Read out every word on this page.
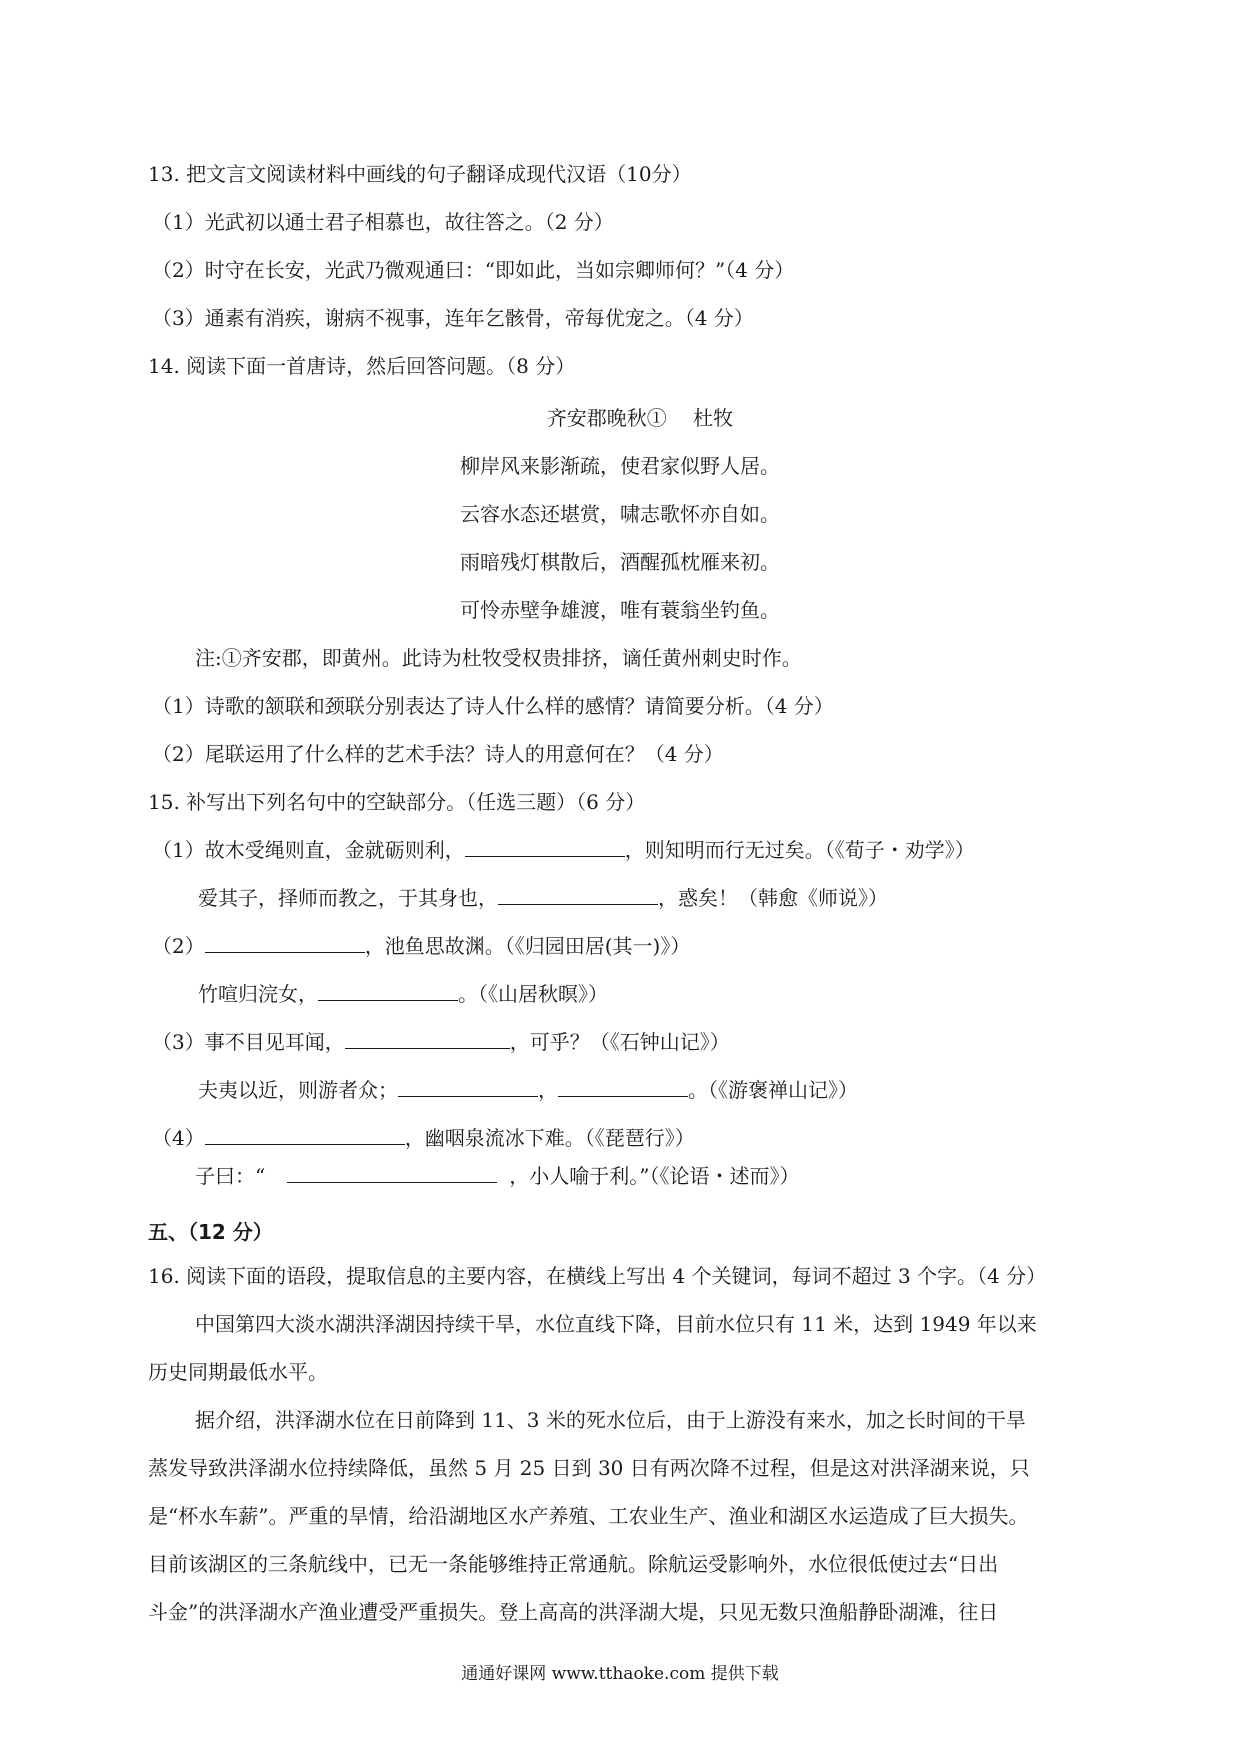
13. 把文言文阅读材料中画线的句子翻译成现代汉语（10分）
（1）光武初以通士君子相慕也，故往答之。（2 分）
（2）时守在长安，光武乃微观通曰：“即如此，当如宗卿师何？”（4 分）
（3）通素有消疾，谢病不视事，连年乞骸骨，帝每优宠之。（4 分）
14. 阅读下面一首唐诗，然后回答问题。（8 分）
齐安郡晚秋①　 杜牧
柳岸风来影渐疏，使君家似野人居。
云容水态还堪赏，啸志歌怀亦自如。
雨暗残灯棋散后，酒醒孤枕雁来初。
可怜赤壁争雄渡，唯有蓑翁坐钓鱼。
注:①齐安郡，即黄州。此诗为杜牧受权贵排挤，谪任黄州刺史时作。
（1）诗歌的颔联和颈联分别表达了诗人什么样的感情？请简要分析。（4 分）
（2）尾联运用了什么样的艺术手法？诗人的用意何在？（4 分）
15. 补写出下列名句中的空缺部分。（任选三题）（6 分）
（1）故木受绳则直，金就砺则利，	，则知明而行无过矣。（《荀子・劝学》）
爱其子，择师而教之，于其身也，	，惑矣！（韩愈《师说》）
（2）	，池鱼思故渊。（《归园田居(其一)》）
竹喧归浣女，	。（《山居秋暝》）
（3）事不目见耳闻，	，可乎？（《石钟山记》）
夫夷以近，则游者众；	，	。（《游褒禅山记》）
（4）	，幽咽泉流冰下难。（《琵琶行》）
子曰：“	，小人喻于利。”（《论语・述而》）
五、（12 分）
16. 阅读下面的语段，提取信息的主要内容，在横线上写出 4 个关键词，每词不超过 3 个字。（4 分）
中国第四大淡水湖洪泽湖因持续干旱，水位直线下降，目前水位只有 11 米，达到 1949 年以来
历史同期最低水平。
据介绍，洪泽湖水位在日前降到 11、3 米的死水位后，由于上游没有来水，加之长时间的干旱
蒸发导致洪泽湖水位持续降低，虽然 5 月 25 日到 30 日有两次降不过程，但是这对洪泽湖来说，只
是“杯水车薪”。严重的旱情，给沿湖地区水产养殖、工农业生产、渔业和湖区水运造成了巨大损失。
目前该湖区的三条航线中，已无一条能够维持正常通航。除航运受影响外，水位很低使过去“日出
斗金”的洪泽湖水产渔业遭受严重损失。登上高高的洪泽湖大堤，只见无数只渔船静卧湖滩，往日
通通好课网 www.tthaoke.com 提供下载
